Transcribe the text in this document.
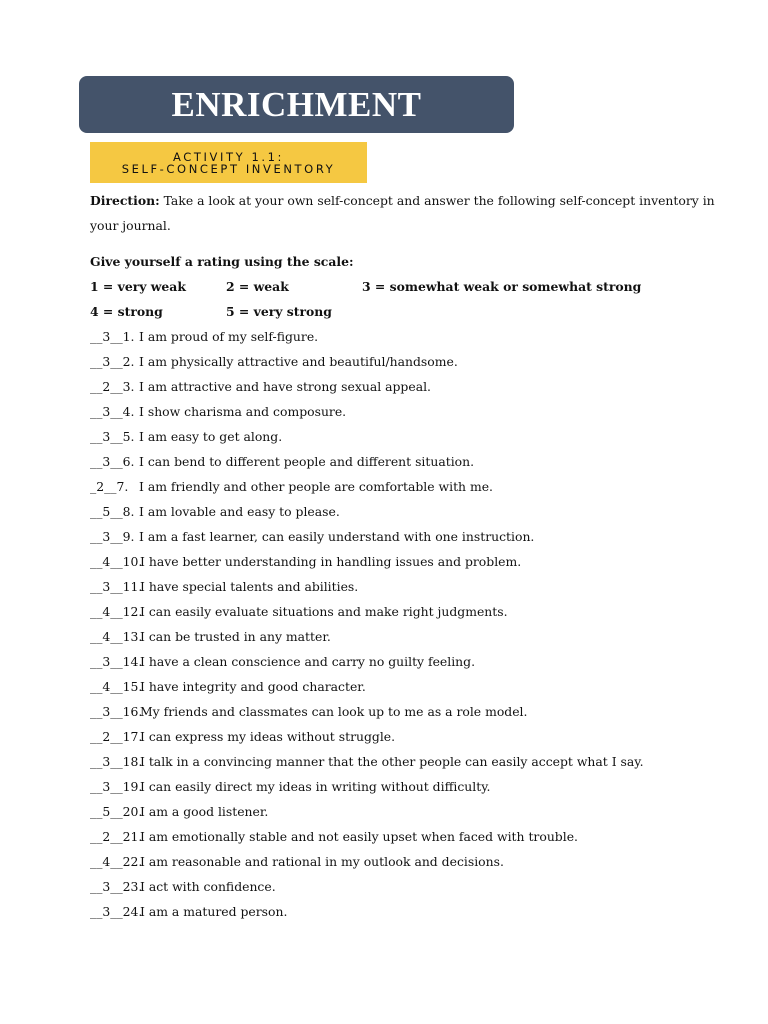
ENRICHMENT
ACTIVITY 1.1:
SELF-CONCEPT INVENTORY
Direction: Take a look at your own self-concept and answer the following self-concept inventory in
your journal.
Give yourself a rating using the scale:
1 = very weak	2 = weak	3 = somewhat weak or somewhat strong
4 = strong	5 = very strong
__3__1. I am proud of my self-figure.
__3__2. I am physically attractive and beautiful/handsome.
__2__3. I am attractive and have strong sexual appeal.
__3__4. I show charisma and composure.
__3__5. I am easy to get along.
__3__6. I can bend to different people and different situation.
_2__7. I am friendly and other people are comfortable with me.
__5__8. I am lovable and easy to please.
__3__9. I am a fast learner, can easily understand with one instruction.
__4__10.
I have better understanding in handling issues and problem.
__3__11.
I have special talents and abilities.
__4__12.
I can easily evaluate situations and make right judgments.
__4__13.
I can be trusted in any matter.
__3__14.
I have a clean conscience and carry no guilty feeling.
__4__15.
I have integrity and good character.
__3__16.
My friends and classmates can look up to me as a role model.
__2__17.
I can express my ideas without struggle.
__3__18.
I talk in a convincing manner that the other people can easily accept what I say.
__3__19.
I can easily direct my ideas in writing without difficulty.
__5__20.
I am a good listener.
__2__21.
I am emotionally stable and not easily upset when faced with trouble.
__4__22.
I am reasonable and rational in my outlook and decisions.
__3__23.
I act with confidence.
__3__24.
I am a matured person.
